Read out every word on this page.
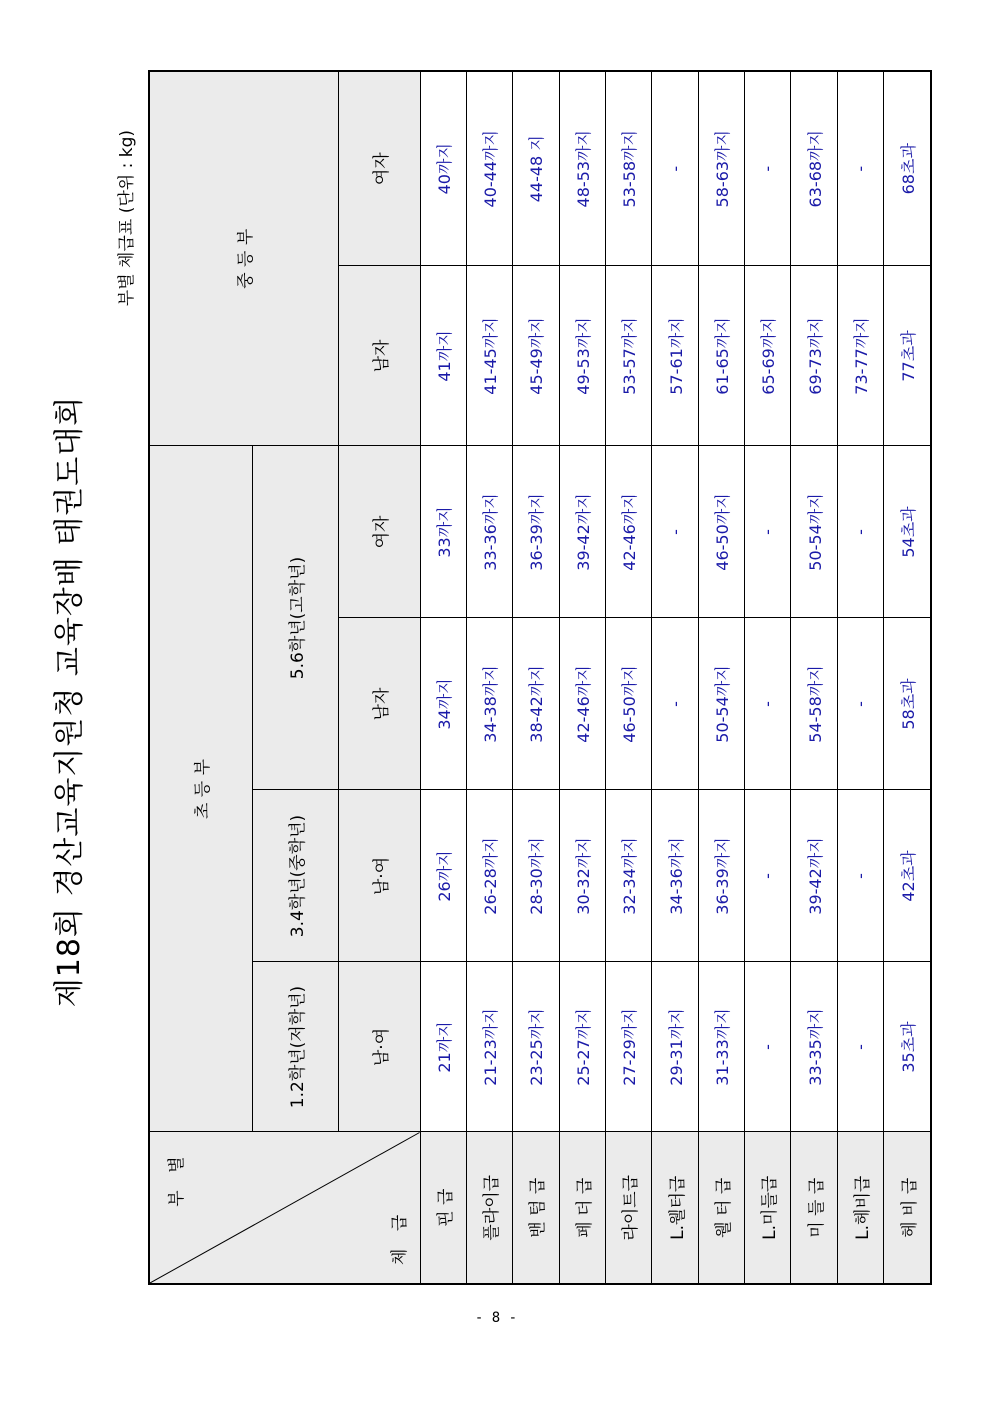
제18회 경산교육지원청 교육장배 태권도대회
부별 체급표 (단위 : kg)
부 별
체 급	초 등 부				중 등 부	
	1.2학년(저학년)	3.4학년(중학년)	5.6학년(고학년)			
	남·여	남·여	남자	여자	남자	여자
핀 급	21까지	26까지	34까지	33까지	41까지	40까지
플라이급	21-23까지	26-28까지	34-38까지	33-36까지	41-45까지	40-44까지
밴 텀 급	23-25까지	28-30까지	38-42까지	36-39까지	45-49까지	44-48 지
페 더 급	25-27까지	30-32까지	42-46까지	39-42까지	49-53까지	48-53까지
라이트급	27-29까지	32-34까지	46-50까지	42-46까지	53-57까지	53-58까지
L.웰터급	29-31까지	34-36까지	-	-	57-61까지	-
웰 터 급	31-33까지	36-39까지	50-54까지	46-50까지	61-65까지	58-63까지
L.미들급	-	-	-	-	65-69까지	-
미 들 급	33-35까지	39-42까지	54-58까지	50-54까지	69-73까지	63-68까지
L.헤비급	-	-	-	-	73-77까지	-
헤 비 급	35초과	42초과	58초과	54초과	77초과	68초과
- 8 -
